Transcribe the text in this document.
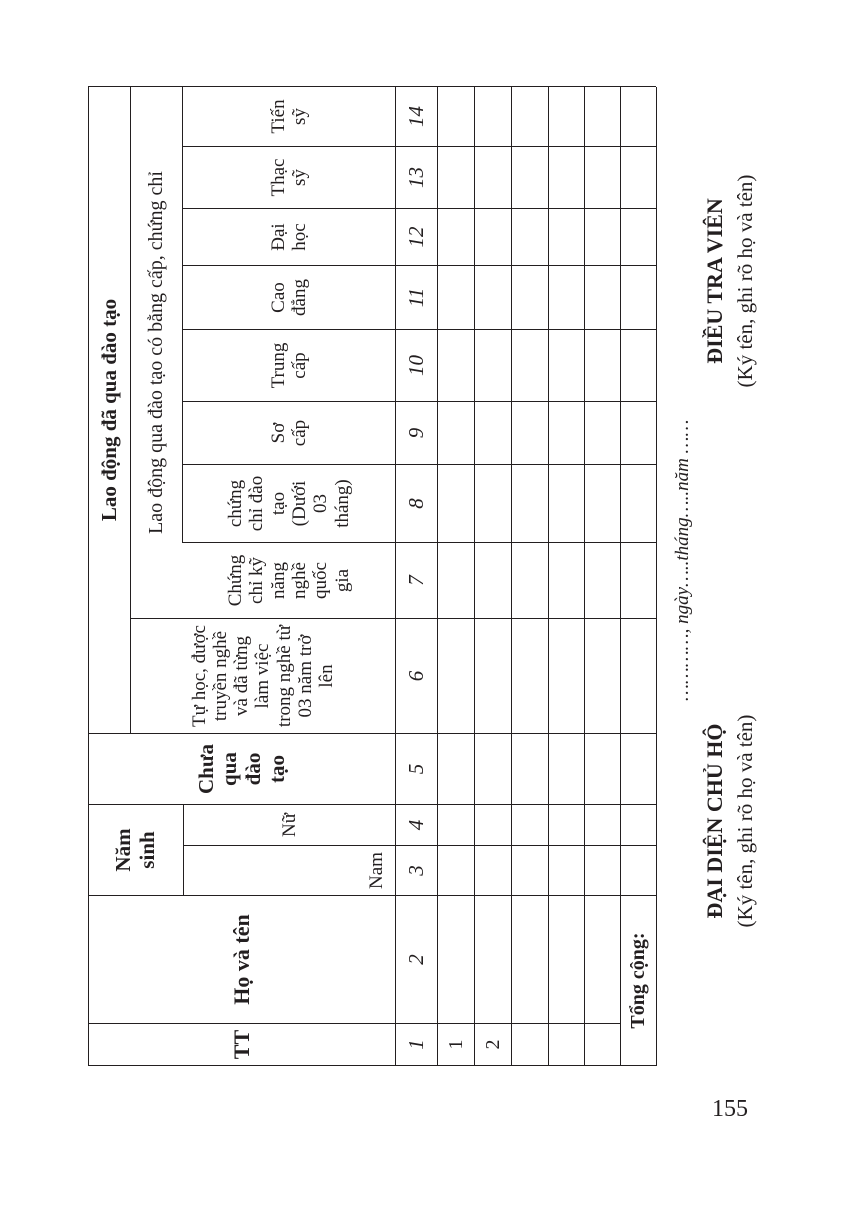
TT
Họ và tên
Năm sinh
Nam
Nữ
Chưa qua đào tạo
Lao động đã qua đào tạo
Tự học, được truyền nghề và đã từng làm việc trong nghề từ 03 năm trở lên
Lao động qua đào tạo có bằng cấp, chứng chỉ
Chứng chỉ kỹ năng nghề quốc gia
chứng chỉ đào tạo (Dưới 03 tháng)
Sơ cấp
Trung cấp
Cao đẳng
Đại học
Thạc sỹ
Tiến sỹ
1
2
3
4
5
6
7
8
9
10
11
12
13
14
1 2
Tổng cộng:
…………, ngày…..tháng…..năm ……
ĐẠI DIỆN CHỦ HỘ (Ký tên, ghi rõ họ và tên)
ĐIỀU TRA VIÊN (Ký tên, ghi rõ họ và tên)
155
